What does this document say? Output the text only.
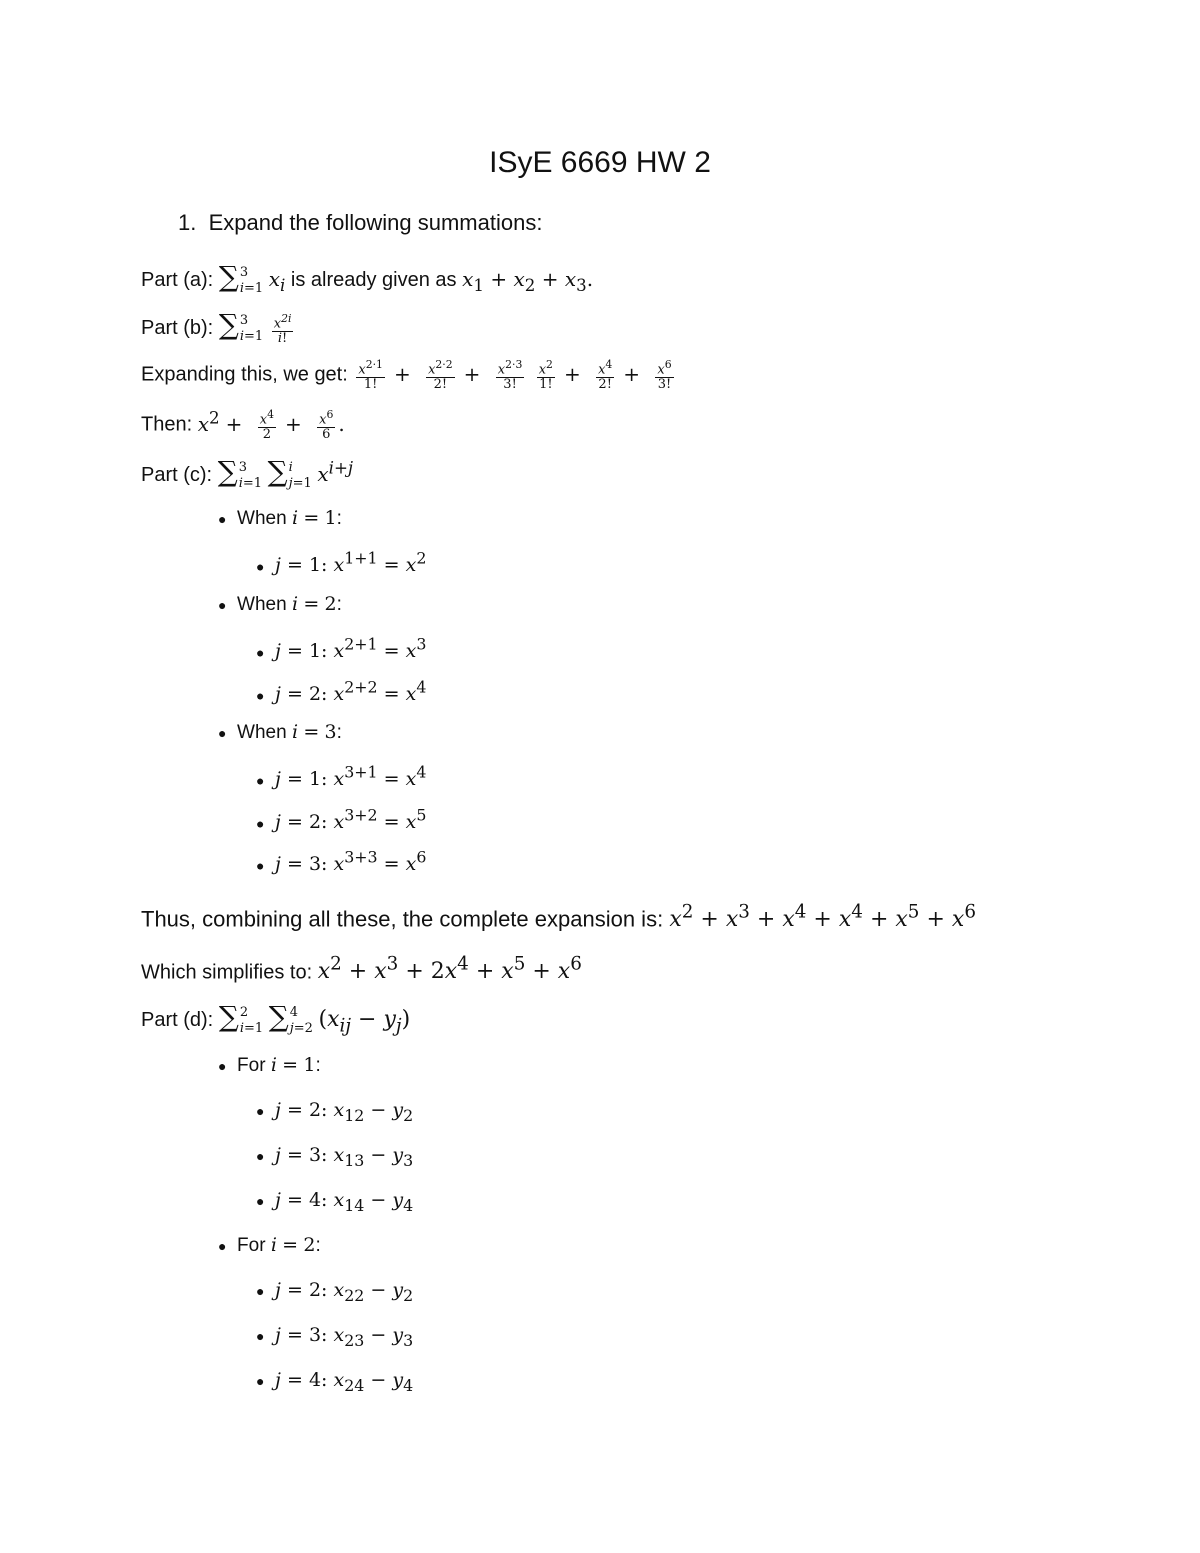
ISyE 6669 HW 2
1. Expand the following summations:
Part (a): ∑ 3
i=1 $x_i$ is already given as $x_1 + x_2 + x_3$.
Part (b): ∑ 3
i=1
$\frac{x^{2i}}{i!}$
Expanding this, we get: $\frac{x^{2\cdot 1}}{1!} + \frac{x^{2\cdot 2}}{2!} + \frac{x^{2\cdot 3}}{3!}$
$\frac{x^2}{1!} + \frac{x^4}{2!} + \frac{x^6}{3!}$
Then: $x^2 + \frac{x^4}{2} + \frac{x^6}{6}$ .
Part (c): ∑ 3
i=1 ∑ i
j=1 $x^{i+j}$
● When i = 1:
● j = 1: $x^{1+1} = x^2$
● When i = 2:
● j = 1: $x^{2+1} = x^3$
● j = 2: $x^{2+2} = x^4$
● When i = 3:
● j = 1: $x^{3+1} = x^4$
● j = 2: $x^{3+2} = x^5$
● j = 3: $x^{3+3} = x^6$
Thus, combining all these, the complete expansion is: $x^2 + x^3 + x^4 + x^4 + x^5 + x^6$
Which simplifies to: $x^2 + x^3 + 2x^4 + x^5 + x^6$
Part (d): ∑ 2
i=1 ∑ 4
j=2 $(x_{ij} - y_j)$
● For i = 1:
● j = 2: $x_{12} - y_2$
● j = 3: $x_{13} - y_3$
● j = 4: $x_{14} - y_4$
● For i = 2:
● j = 2: $x_{22} - y_2$
● j = 3: $x_{23} - y_3$
● j = 4: $x_{24} - y_4$
